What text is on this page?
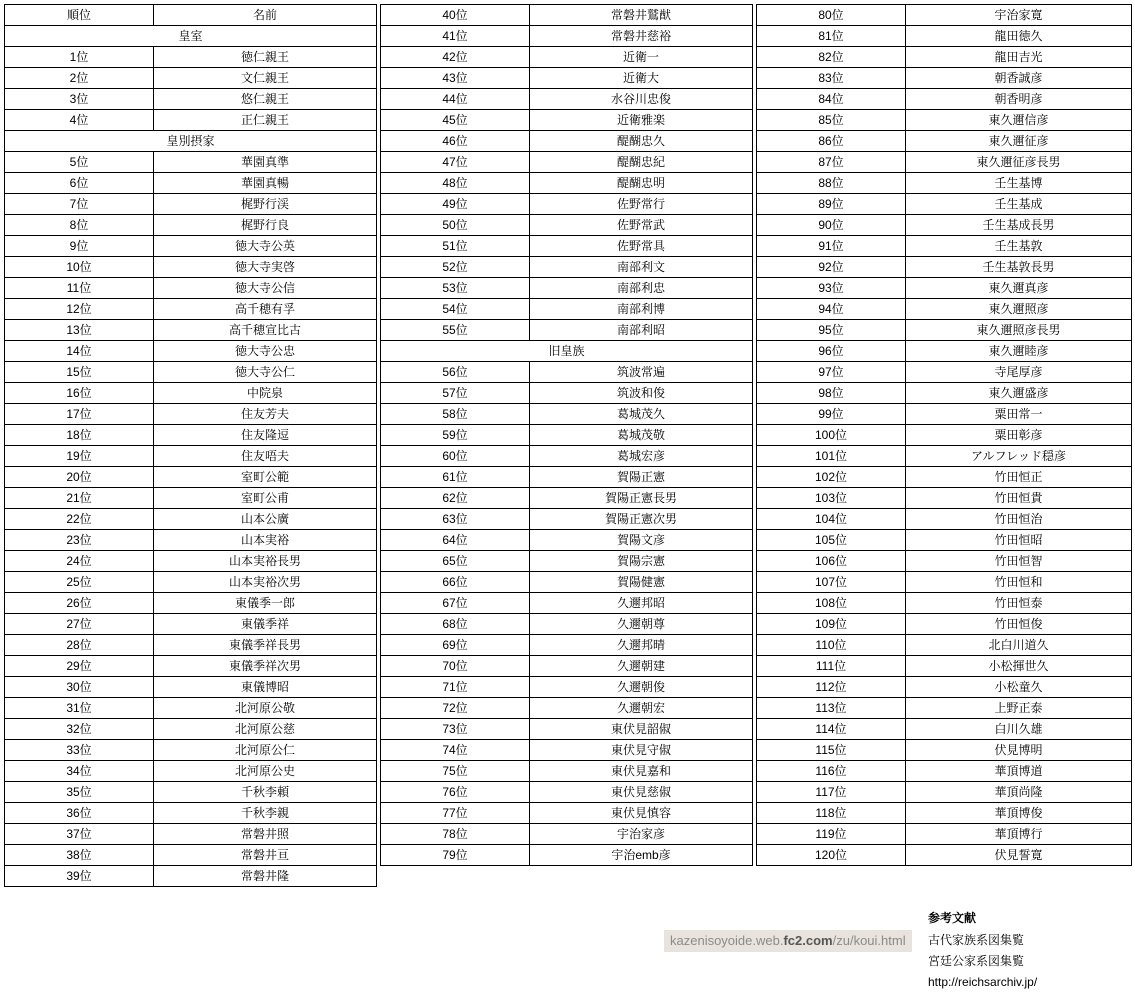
順位	名前
皇室	
1位	徳仁親王
2位	文仁親王
3位	悠仁親王
4位	正仁親王
皇別摂家	
5位	華園真準
6位	華園真暢
7位	梶野行渓
8位	梶野行良
9位	徳大寺公英
10位	徳大寺実啓
11位	徳大寺公信
12位	高千穂有孚
13位	高千穂宣比古
14位	徳大寺公忠
15位	徳大寺公仁
16位	中院泉
17位	住友芳夫
18位	住友隆逗
19位	住友唔夫
20位	室町公範
21位	室町公甫
22位	山本公廣
23位	山本実裕
24位	山本実裕長男
25位	山本実裕次男
26位	東儀季一郎
27位	東儀季祥
28位	東儀季祥長男
29位	東儀季祥次男
30位	東儀博昭
31位	北河原公敬
32位	北河原公慈
33位	北河原公仁
34位	北河原公史
35位	千秋李頼
36位	千秋李親
37位	常磐井照
38位	常磐井亘
39位	常磐井隆
40位	常磐井鷲猷
41位	常磐井慈裕
42位	近衛一
43位	近衛大
44位	水谷川忠俊
45位	近衛雅楽
46位	醍醐忠久
47位	醍醐忠紀
48位	醍醐忠明
49位	佐野常行
50位	佐野常武
51位	佐野常具
52位	南部利文
53位	南部利忠
54位	南部利博
55位	南部利昭
旧皇族	
56位	筑波常遍
57位	筑波和俊
58位	葛城茂久
59位	葛城茂敬
60位	葛城宏彦
61位	賀陽正憲
62位	賀陽正憲長男
63位	賀陽正憲次男
64位	賀陽文彦
65位	賀陽宗憲
66位	賀陽健憲
67位	久邇邦昭
68位	久邇朝尊
69位	久邇邦晴
70位	久邇朝建
71位	久邇朝俊
72位	久邇朝宏
73位	東伏見韶俶
74位	東伏見守俶
75位	東伏見嘉和
76位	東伏見慈俶
77位	東伏見慎容
78位	宇治家彦
79位	宇治emb彦
80位	宇治家寛
81位	龍田徳久
82位	龍田吉光
83位	朝香誠彦
84位	朝香明彦
85位	東久邇信彦
86位	東久邇征彦
87位	東久邇征彦長男
88位	壬生基博
89位	壬生基成
90位	壬生基成長男
91位	壬生基敦
92位	壬生基敦長男
93位	東久邇真彦
94位	東久邇照彦
95位	東久邇照彦長男
96位	東久邇睦彦
97位	寺尾厚彦
98位	東久邇盛彦
99位	粟田常一
100位	粟田彰彦
101位	アルフレッド穏彦
102位	竹田恒正
103位	竹田恒貴
104位	竹田恒治
105位	竹田恒昭
106位	竹田恒智
107位	竹田恒和
108位	竹田恒泰
109位	竹田恒俊
110位	北白川道久
111位	小松揮世久
112位	小松童久
113位	上野正泰
114位	白川久雄
115位	伏見博明
116位	華頂博道
117位	華頂尚隆
118位	華頂博俊
119位	華頂博行
120位	伏見誓寛
kazenisoyoide.web.fc2.com/zu/koui.html
参考文献
古代家族系図集覧
宮廷公家系図集覧
http://reichsarchiv.jp/
